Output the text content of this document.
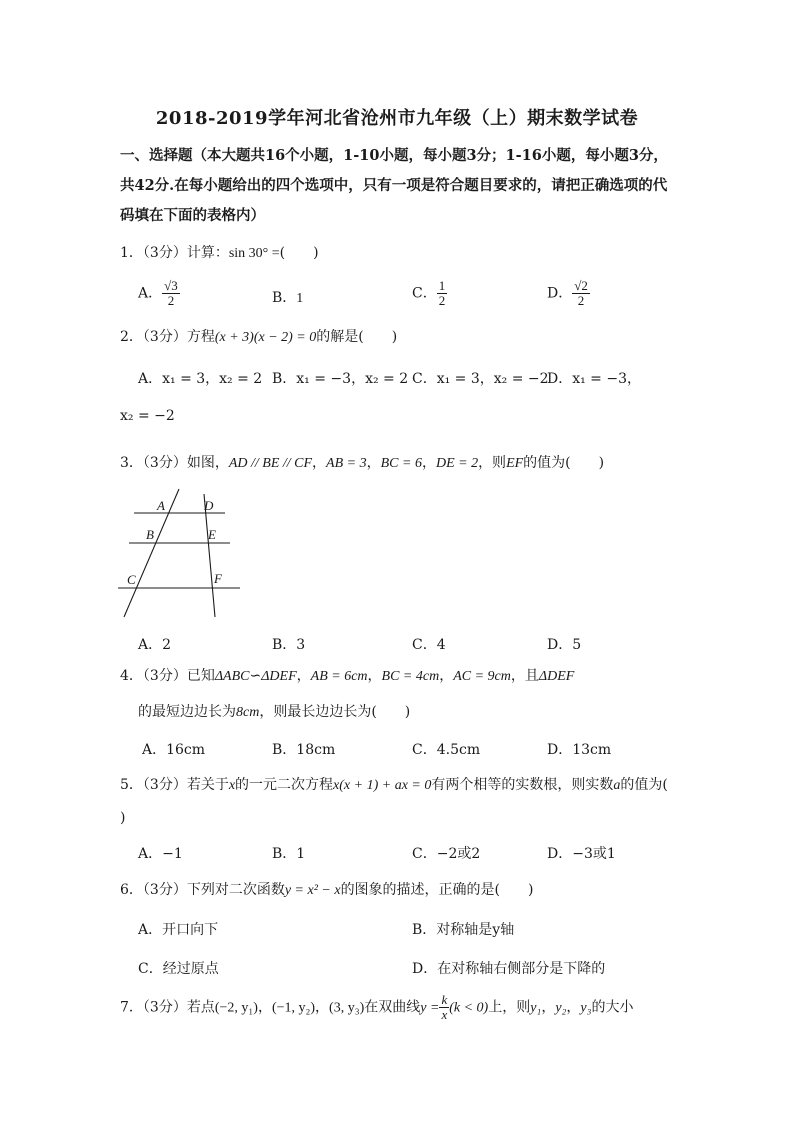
2018-2019学年河北省沧州市九年级（上）期末数学试卷
一、选择题（本大题共16个小题，1-10小题，每小题3分；1-16小题，每小题3分，共42分.在每小题给出的四个选项中，只有一项是符合题目要求的，请把正确选项的代码填在下面的表格内）
1．（3分）计算：sin 30° =(　　)
A． $\frac{√3}{2}$	B．1	C． $\frac{1}{2}$	D． $\frac{√2}{2}$
2．（3分）方程(x + 3)(x − 2) = 0的解是(　　)
A．x₁ = 3，x₂ = 2 B．x₁ = −3，x₂ = 2 C．x₁ = 3，x₂ = −2
D．x₁ = −3，
x₂ = −2
3．（3分）如图，AD // BE // CF，AB = 3，BC = 6，DE = 2，则EF的值为(　　)
A
B
C
D
E
F
A．2	B．3	C．4	D．5
4．（3分）已知ΔABC∽ΔDEF，AB = 6cm，BC = 4cm，AC = 9cm，且ΔDEF
的最短边边长为8cm，则最长边边长为(　　)
A．16cm	B．18cm	C．4.5cm	D．13cm
5．（3分）若关于x的一元二次方程x(x + 1) + ax = 0有两个相等的实数根，则实数a的值为(
)
A．−1	B．1	C．−2或2	D．−3或1
6．（3分）下列对二次函数y = x² − x的图象的描述，正确的是(　　)
A．开口向下	B．对称轴是y轴
C．经过原点	D．在对称轴右侧部分是下降的
7．（3分）若点(−2, y₁)，(−1, y₂)，(3, y₃)在双曲线$y = \frac{k}{x} (k < 0)$上，则y₁，y₂，y₃的大小
